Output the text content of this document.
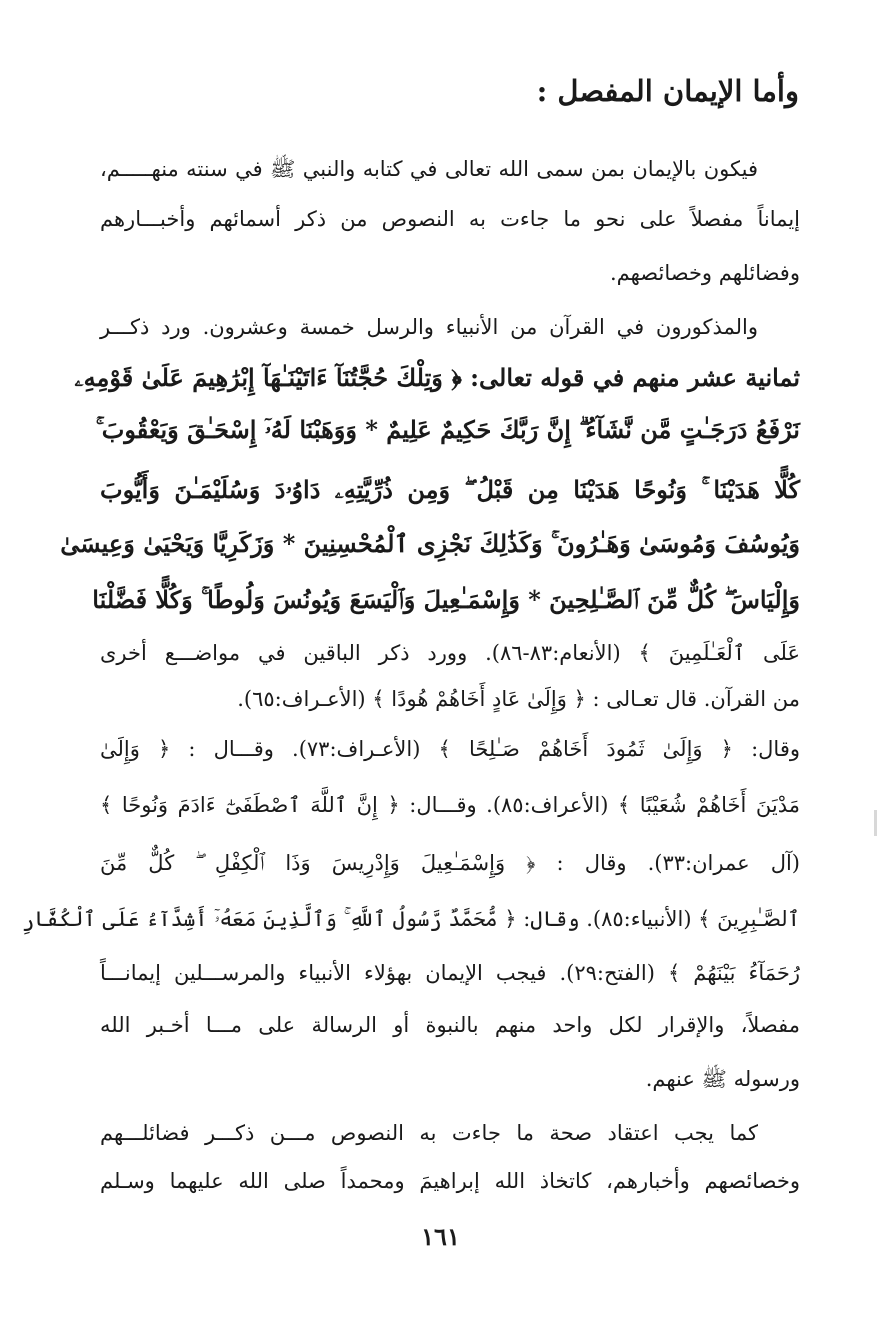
وأما الإيمان المفصل :
فيكون بالإيمان بمن سمى الله تعالى في كتابه والنبي ﷺ في سنته منهـــــم،
إيماناً مفصلاً على نحو ما جاءت به النصوص من ذكر أسمائهم وأخبـــارهم
وفضائلهم وخصائصهم.
والمذكورون في القرآن من الأنبياء والرسل خمسة وعشرون. ورد ذكـــر
ثمانية عشر منهم في قوله تعالى: ﴿ وَتِلْكَ حُجَّتُنَآ ءَاتَيْنَـٰهَآ إِبْرَٰهِيمَ عَلَىٰ قَوْمِهِۦ
نَرْفَعُ دَرَجَـٰتٍ مَّن نَّشَآءُ ۗ إِنَّ رَبَّكَ حَكِيمٌ عَلِيمٌ * وَوَهَبْنَا لَهُۥٓ إِسْحَـٰقَ وَيَعْقُوبَ ۚ
كُلًّا هَدَيْنَا ۚ وَنُوحًا هَدَيْنَا مِن قَبْلُ ۖ وَمِن ذُرِّيَّتِهِۦ دَاوُۥدَ وَسُلَيْمَـٰنَ وَأَيُّوبَ
وَيُوسُفَ وَمُوسَىٰ وَهَـٰرُونَ ۚ وَكَذَٰلِكَ نَجْزِى ٱلْمُحْسِنِينَ * وَزَكَرِيَّا وَيَحْيَىٰ وَعِيسَىٰ
وَإِلْيَاسَ ۖ كُلٌّ مِّنَ ٱلصَّـٰلِحِينَ * وَإِسْمَـٰعِيلَ وَٱلْيَسَعَ وَيُونُسَ وَلُوطًا ۚ وَكُلًّا فَضَّلْنَا
عَلَى ٱلْعَـٰلَمِينَ ﴾ (الأنعام:٨٣-٨٦). وورد ذكر الباقين في مواضـــع أخرى
من القرآن. قال تعـالى : ﴿ وَإِلَىٰ عَادٍ أَخَاهُمْ هُودًا ﴾ (الأعـراف:٦٥).
وقال: ﴿ وَإِلَىٰ ثَمُودَ أَخَاهُمْ صَـٰلِحًا ﴾ (الأعـراف:٧٣). وقـــال : ﴿ وَإِلَىٰ
مَدْيَنَ أَخَاهُمْ شُعَيْبًا ﴾ (الأعراف:٨٥). وقـــال: ﴿ إِنَّ ٱللَّهَ ٱصْطَفَىٰٓ ءَادَمَ وَنُوحًا ﴾
(آل عمران:٣٣). وقال : ﴿ وَإِسْمَـٰعِيلَ وَإِدْرِيسَ وَذَا ٱلْكِفْلِ ۖ كُلٌّ مِّنَ
ٱلصَّـٰبِرِينَ ﴾ (الأنبياء:٨٥). وقال: ﴿ مُّحَمَّدٌ رَّسُولُ ٱللَّهِ ۚ وَٱلَّذِينَ مَعَهُۥٓ أَشِدَّآءُ عَلَى ٱلْكُفَّارِ
رُحَمَآءُ بَيْنَهُمْ ﴾ (الفتح:٢٩). فيجب الإيمان بهؤلاء الأنبياء والمرســـلين إيمانـــاً
مفصلاً، والإقرار لكل واحد منهم بالنبوة أو الرسالة على مـــا أخـبر الله
ورسوله ﷺ عنهم.
كما يجب اعتقاد صحة ما جاءت به النصوص مـــن ذكـــر فضائلـــهم
وخصائصهم وأخبارهم، كاتخاذ الله إبراهيمَ ومحمداً صلى الله عليهما وسـلم
١٦١
